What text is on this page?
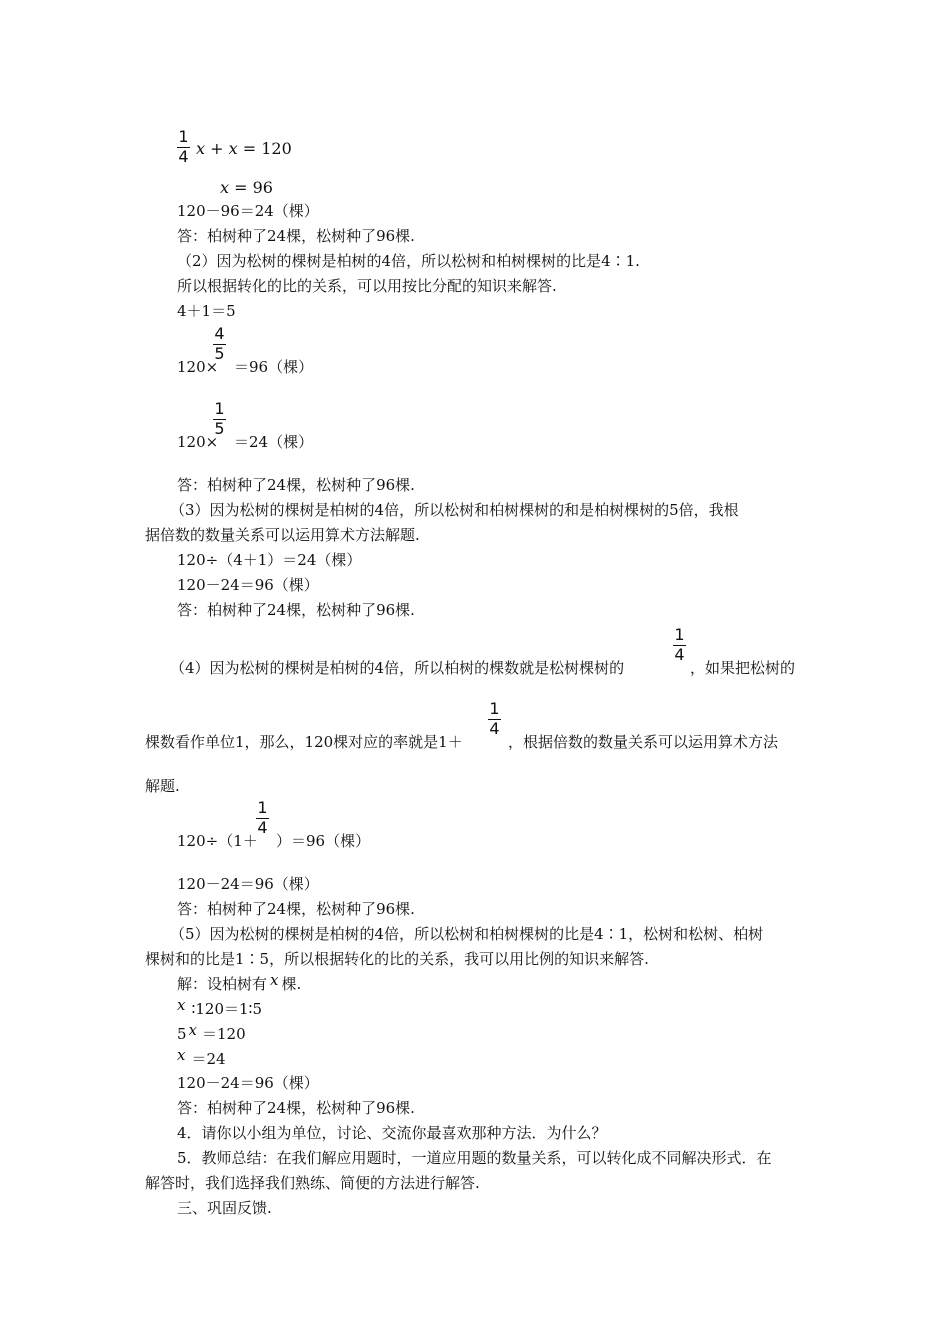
1
4 x + x = 120
x = 96
120－96＝24（棵）
答：柏树种了24棵，松树种了96棵.
（2）因为松树的棵树是柏树的4倍，所以松树和柏树棵树的比是4∶1.
所以根据转化的比的关系，可以用按比分配的知识来解答.
4＋1＝5
120×
4
5
＝96（棵）
120×
1
5
＝24（棵）
答：柏树种了24棵，松树种了96棵.
（3）因为松树的棵树是柏树的4倍，所以松树和柏树棵树的和是柏树棵树的5倍，我根
据倍数的数量关系可以运用算术方法解题.
120÷（4＋1）＝24（棵）
120－24＝96（棵）
答：柏树种了24棵，松树种了96棵.
（4）因为松树的棵树是柏树的4倍，所以柏树的棵数就是松树棵树的
1
4
，如果把松树的
棵数看作单位1，那么，120棵对应的率就是1＋
1
4
，根据倍数的数量关系可以运用算术方法
解题.
120÷（1＋
1
4
）＝96（棵）
120－24＝96（棵）
答：柏树种了24棵，松树种了96棵.
（5）因为松树的棵树是柏树的4倍，所以松树和柏树棵树的比是4∶1，松树和松树、柏树
棵树和的比是1∶5，所以根据转化的比的关系，我可以用比例的知识来解答.
解：设柏树有 x 棵.
x ∶120＝1∶5
5 x ＝120
x ＝24
120－24＝96（棵）
答：柏树种了24棵，松树种了96棵.
4．请你以小组为单位，讨论、交流你最喜欢那种方法．为什么？
5．教师总结：在我们解应用题时，一道应用题的数量关系，可以转化成不同解决形式．在
解答时，我们选择我们熟练、简便的方法进行解答.
三、巩固反馈.
